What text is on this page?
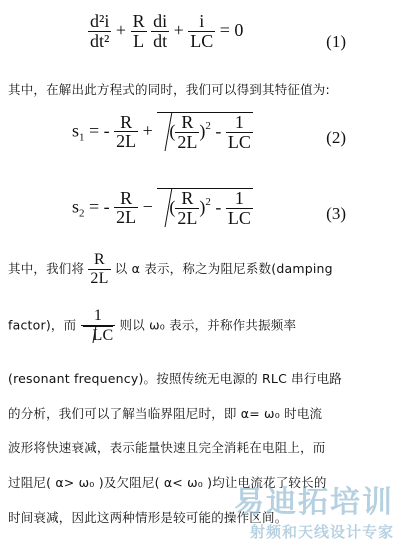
$\frac{\text{d²i}}{\text{dt²}} + \frac{R}{L}$
$\frac{di}{dt} + \frac{i}{LC} = 0$
(1)
其中，在解出此方程式的同时，我们可以得到其特征值为:
$s_1$ = - $\frac{R}{2L}$ + ( $\frac{R}{2L} )^2 - \frac{1}{LC}$	(2)
$s_2$ = - $\frac{R}{2L}$ − ( $\frac{R}{2L} )^2 - \frac{1}{LC}$	(3)
其中，我们将 $\frac{R}{2L}$ 以 α 表示，称之为阻尼系数(damping
factor)，而 $\frac{1}{LC}$ 则以 ω₀ 表示，并称作共振频率
(resonant frequency)。按照传统无电源的 RLC 串行电路
的分析，我们可以了解当临界阻尼时，即 α= ω₀ 时电流
波形将快速衰减，表示能量快速且完全消耗在电阻上，而
过阻尼( α> ω₀ )及欠阻尼( α< ω₀ )均让电流花了较长的
时间衰减，因此这两种情形是较可能的操作区间。
易迪拓培训
射频和天线设计专家
